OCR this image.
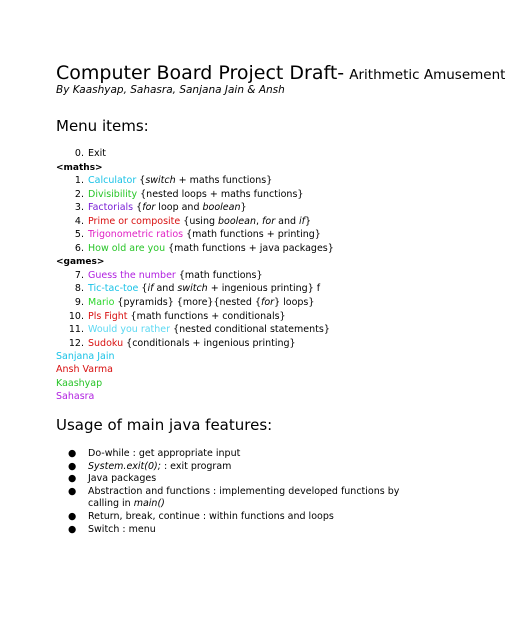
Computer Board Project Draft- Arithmetic Amusement
By Kaashyap, Sahasra, Sanjana Jain & Ansh
Menu items:
0. Exit
<maths>
1. Calculator {switch + maths functions}
2. Divisibility {nested loops + maths functions}
3. Factorials {for loop and boolean}
4. Prime or composite {using boolean, for and if}
5. Trigonometric ratios {math functions + printing}
6. How old are you {math functions + java packages}
<games>
7. Guess the number {math functions}
8. Tic-tac-toe {if and switch + ingenious printing} f
9. Mario {pyramids} {more}{nested {for} loops}
10. Pls Fight {math functions + conditionals}
11. Would you rather {nested conditional statements}
12. Sudoku {conditionals + ingenious printing}
Sanjana Jain
Ansh Varma
Kaashyap
Sahasra
Usage of main java features:
● Do-while : get appropriate input
● System.exit(0); : exit program
● Java packages
● Abstraction and functions : implementing developed functions by calling in main()
● Return, break, continue : within functions and loops
● Switch : menu
